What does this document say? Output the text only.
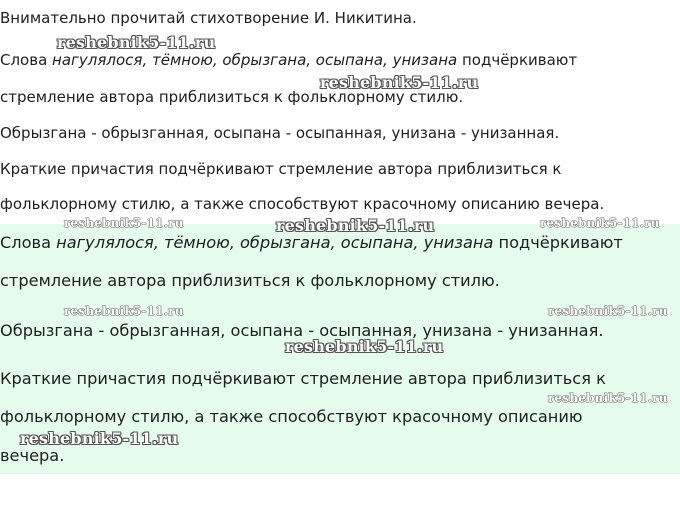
Внимательно прочитай стихотворение И. Никитина.

Слова нагулялося, тёмною, обрызгана, осыпана, унизана подчёркивают

стремление автора приблизиться к фольклорному стилю.

Обрызгана - обрызганная, осыпана - осыпанная, унизана - унизанная.

Краткие причастия подчёркивают стремление автора приблизиться к

фольклорному стилю, а также способствуют красочному описанию вечера.

Слова нагулялося, тёмною, обрызгана, осыпана, унизана подчёркивают

стремление автора приблизиться к фольклорному стилю.

Обрызгана - обрызганная, осыпана - осыпанная, унизана - унизанная.

Краткие причастия подчёркивают стремление автора приблизиться к

фольклорному стилю, а также способствуют красочному описанию

вечера.

reshebnik5-11.ru
reshebnik5-11.ru
reshebnik5-11.ru	reshebnik5-11.ru	reshebnik5-11.ru
reshebnik5-11.ru	reshebnik5-11.ru
reshebnik5-11.ru
reshebnik5-11.ru
reshebnik5-11.ru
